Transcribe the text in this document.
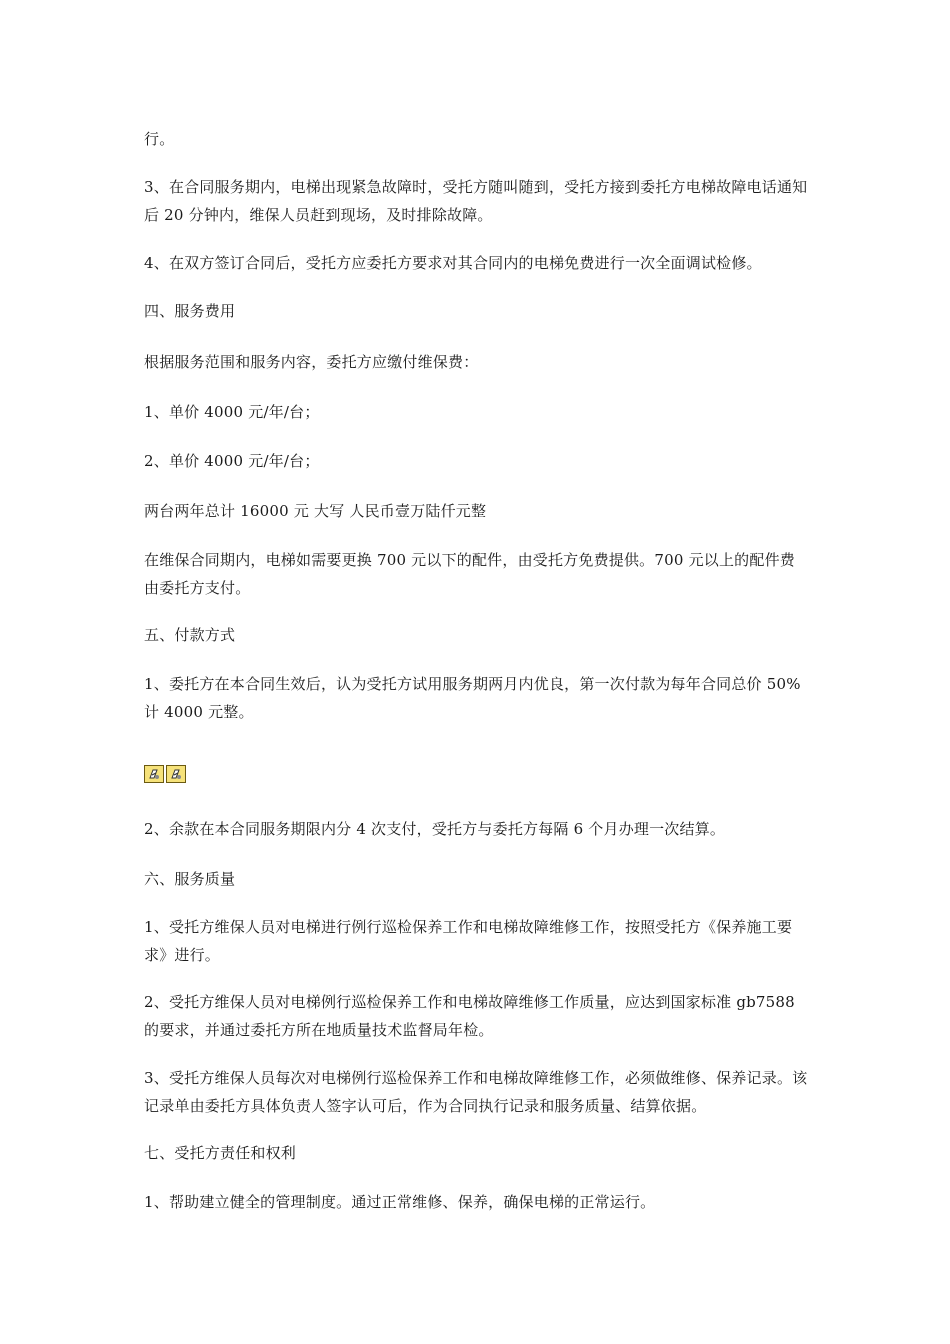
行。

3、在合同服务期内，电梯出现紧急故障时，受托方随叫随到，受托方接到委托方电梯故障电话通知后 20 分钟内，维保人员赶到现场，及时排除故障。

4、在双方签订合同后，受托方应委托方要求对其合同内的电梯免费进行一次全面调试检修。

四、服务费用

根据服务范围和服务内容，委托方应缴付维保费：

1、单价 4000 元/年/台；

2、单价 4000 元/年/台；

两台两年总计 16000 元 大写 人民币壹万陆仟元整

在维保合同期内，电梯如需要更换 700 元以下的配件，由受托方免费提供。700 元以上的配件费由委托方支付。

五、付款方式

1、委托方在本合同生效后，认为受托方试用服务期两月内优良，第一次付款为每年合同总价 50%计 4000 元整。

2、余款在本合同服务期限内分 4 次支付，受托方与委托方每隔 6 个月办理一次结算。

六、服务质量

1、受托方维保人员对电梯进行例行巡检保养工作和电梯故障维修工作，按照受托方《保养施工要求》进行。

2、受托方维保人员对电梯例行巡检保养工作和电梯故障维修工作质量，应达到国家标准 gb7588 的要求，并通过委托方所在地质量技术监督局年检。

3、受托方维保人员每次对电梯例行巡检保养工作和电梯故障维修工作，必须做维修、保养记录。该记录单由委托方具体负责人签字认可后，作为合同执行记录和服务质量、结算依据。

七、受托方责任和权利

1、帮助建立健全的管理制度。通过正常维修、保养，确保电梯的正常运行。
